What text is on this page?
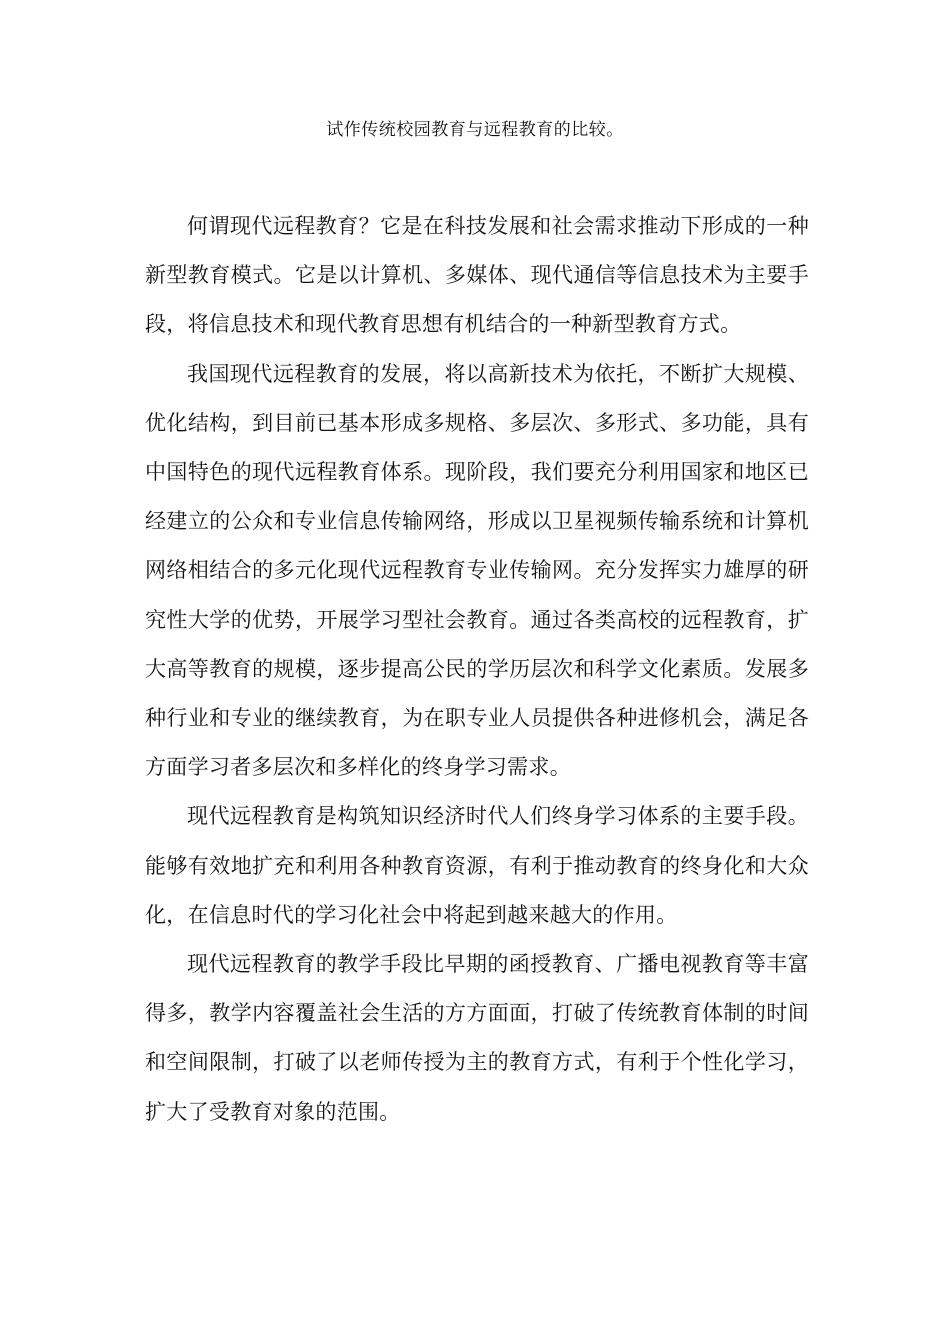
试作传统校园教育与远程教育的比较。

何谓现代远程教育？它是在科技发展和社会需求推动下形成的一种新型教育模式。它是以计算机、多媒体、现代通信等信息技术为主要手段，将信息技术和现代教育思想有机结合的一种新型教育方式。

我国现代远程教育的发展，将以高新技术为依托，不断扩大规模、优化结构，到目前已基本形成多规格、多层次、多形式、多功能，具有中国特色的现代远程教育体系。现阶段，我们要充分利用国家和地区已经建立的公众和专业信息传输网络，形成以卫星视频传输系统和计算机网络相结合的多元化现代远程教育专业传输网。充分发挥实力雄厚的研究性大学的优势，开展学习型社会教育。通过各类高校的远程教育，扩大高等教育的规模，逐步提高公民的学历层次和科学文化素质。发展多种行业和专业的继续教育，为在职专业人员提供各种进修机会，满足各方面学习者多层次和多样化的终身学习需求。

现代远程教育是构筑知识经济时代人们终身学习体系的主要手段。能够有效地扩充和利用各种教育资源，有利于推动教育的终身化和大众化，在信息时代的学习化社会中将起到越来越大的作用。

现代远程教育的教学手段比早期的函授教育、广播电视教育等丰富得多，教学内容覆盖社会生活的方方面面，打破了传统教育体制的时间和空间限制，打破了以老师传授为主的教育方式，有利于个性化学习，扩大了受教育对象的范围。
